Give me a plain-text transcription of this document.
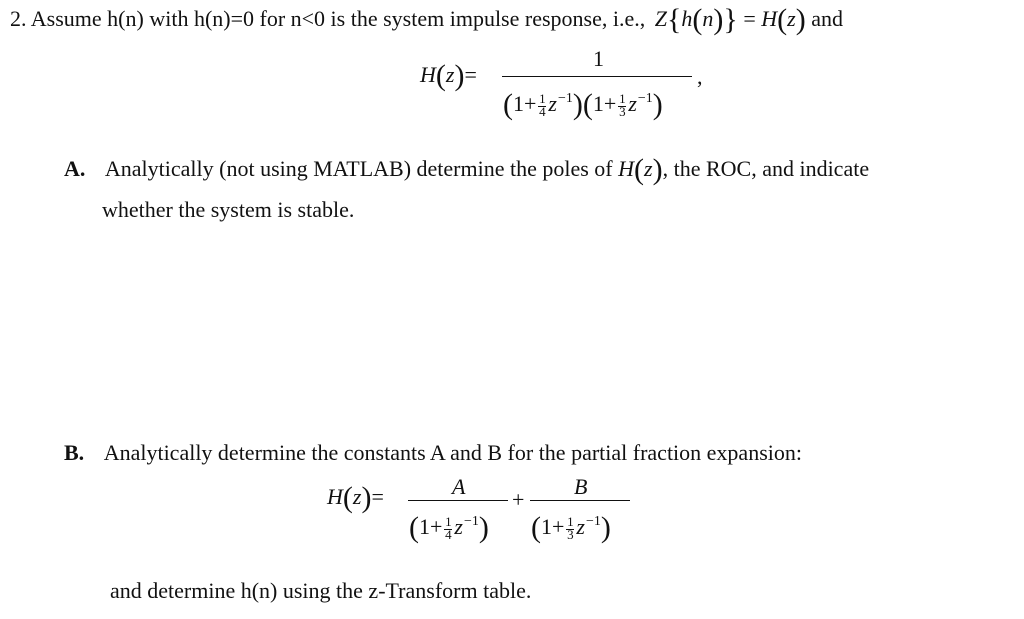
2. Assume h(n) with h(n)=0 for n<0 is the system impulse response, i.e., Z{h(n)} = H(z) and
H(z)=
1
$(1+ \frac{1}{4} z^{-1})(1+ \frac{1}{3} z^{-1})$
,
A. Analytically (not using MATLAB) determine the poles of H(z), the ROC, and indicate
whether the system is stable.
B. Analytically determine the constants A and B for the partial fraction expansion:
H(z)=	A
$(1+ \frac{1}{4} z^{-1})$
+
B
$(1+ \frac{1}{3} z^{-1})$
and determine h(n) using the z-Transform table.
